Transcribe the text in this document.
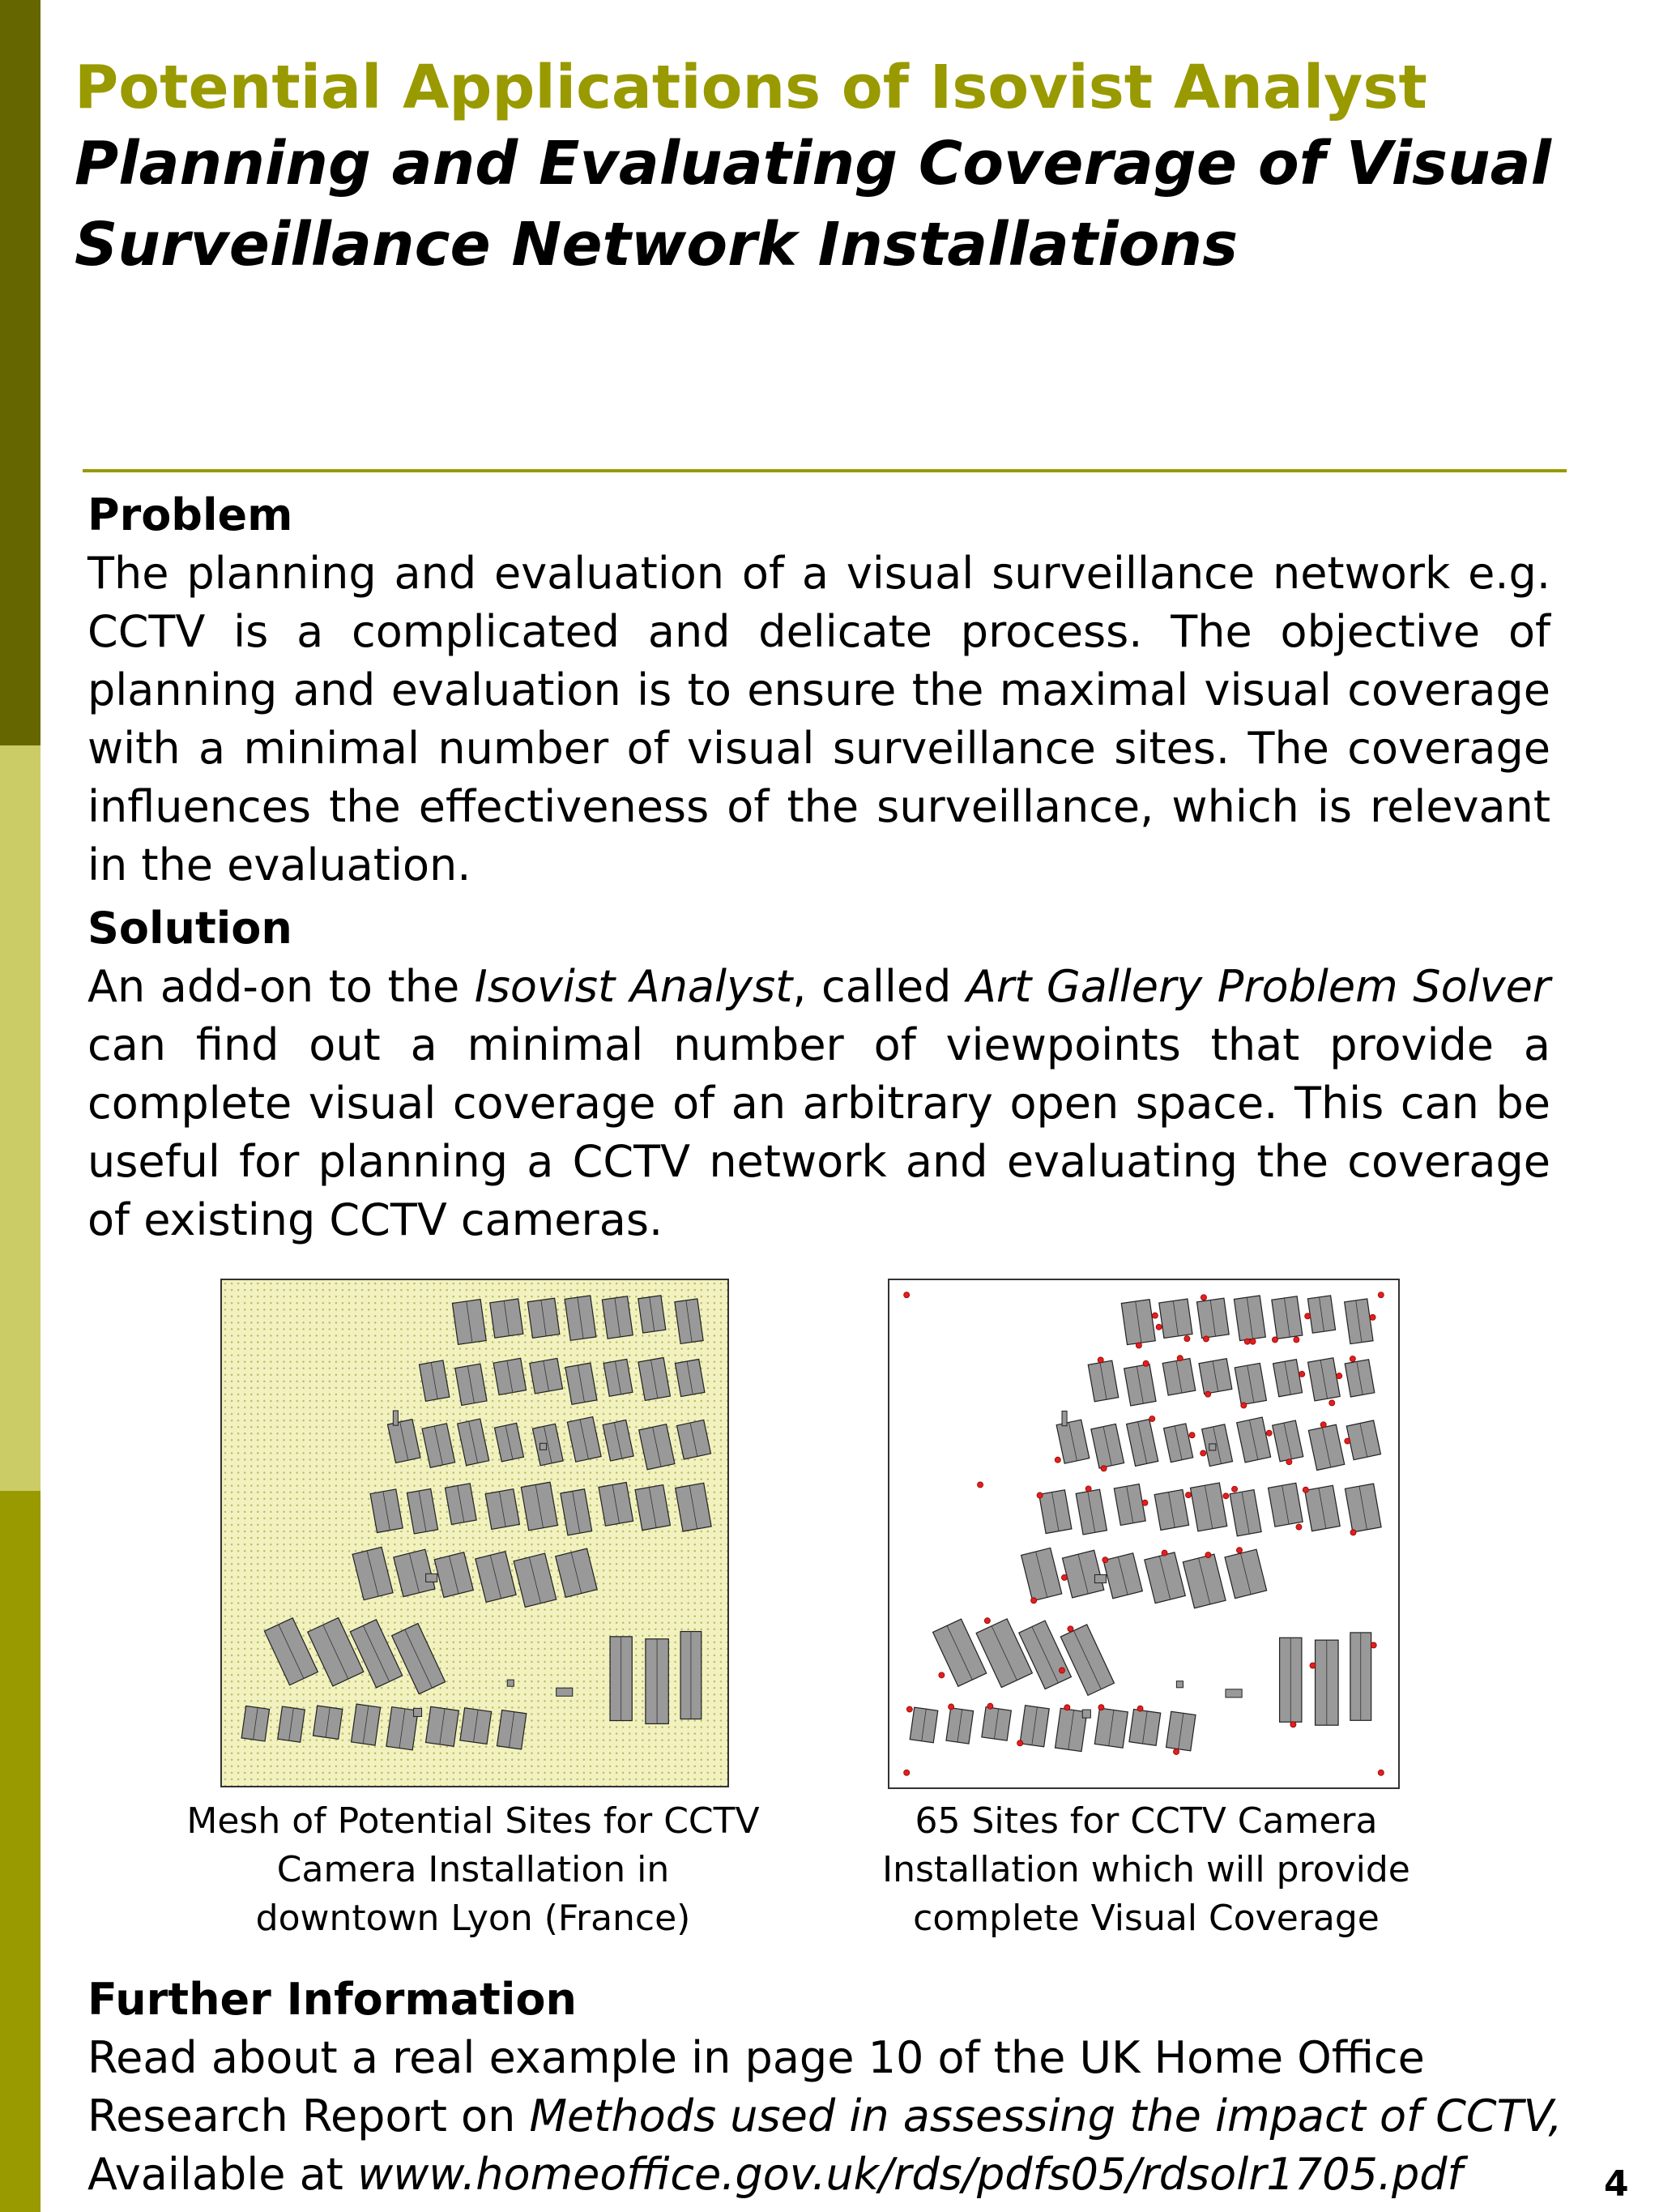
Potential Applications of Isovist Analyst
Planning and Evaluating Coverage of Visual
Surveillance Network Installations
Problem
The planning and evaluation of a visual surveillance network e.g. CCTV is a complicated and delicate process. The objective of planning and evaluation is to ensure the maximal visual coverage with a minimal number of visual surveillance sites. The coverage influences the effectiveness of the surveillance, which is relevant in the evaluation.
Solution
An add-on to the Isovist Analyst, called Art Gallery Problem Solver can find out a minimal number of viewpoints that provide a complete visual coverage of an arbitrary open space. This can be useful for planning a CCTV network and evaluating the coverage of existing CCTV cameras.
Mesh of Potential Sites for CCTV
Camera Installation in
downtown Lyon (France)
65 Sites for CCTV Camera
Installation which will provide
complete Visual Coverage
Further Information
Read about a real example in page 10 of the UK Home Office
Research Report on Methods used in assessing the impact of CCTV,
Available at www.homeoffice.gov.uk/rds/pdfs05/rdsolr1705.pdf	4
